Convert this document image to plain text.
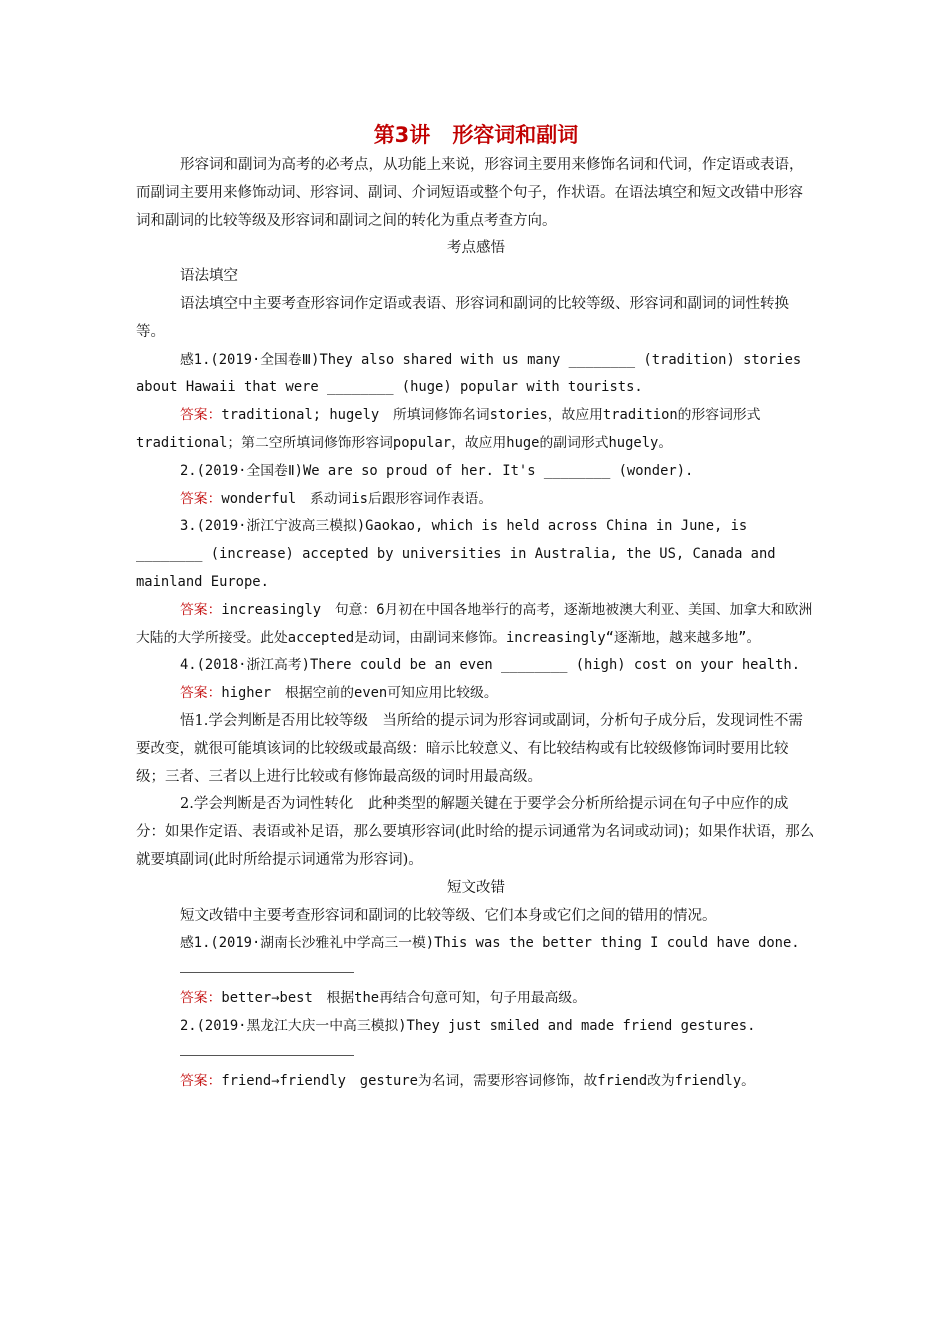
第3讲 形容词和副词

形容词和副词为高考的必考点，从功能上来说，形容词主要用来修饰名词和代词，作定语或表语，而副词主要用来修饰动词、形容词、副词、介词短语或整个句子，作状语。在语法填空和短文改错中形容词和副词的比较等级及形容词和副词之间的转化为重点考查方向。

考点感悟

语法填空

语法填空中主要考查形容词作定语或表语、形容词和副词的比较等级、形容词和副词的词性转换等。

感1.(2019·全国卷Ⅲ)They also shared with us many ________ (tradition) stories about Hawaii that were ________ (huge) popular with tourists.

答案：traditional; hugely　所填词修饰名词stories，故应用tradition的形容词形式traditional；第二空所填词修饰形容词popular，故应用huge的副词形式hugely。

2.(2019·全国卷Ⅱ)We are so proud of her. It's ________ (wonder).

答案：wonderful　系动词is后跟形容词作表语。

3.(2019·浙江宁波高三模拟)Gaokao, which is held across China in June, is ________ (increase) accepted by universities in Australia, the US, Canada and mainland Europe.

答案：increasingly　句意：6月初在中国各地举行的高考，逐渐地被澳大利亚、美国、加拿大和欧洲大陆的大学所接受。此处accepted是动词，由副词来修饰。increasingly“逐渐地，越来越多地”。

4.(2018·浙江高考)There could be an even ________ (high) cost on your health.

答案：higher　根据空前的even可知应用比较级。

悟1.学会判断是否用比较等级　当所给的提示词为形容词或副词，分析句子成分后，发现词性不需要改变，就很可能填该词的比较级或最高级：暗示比较意义、有比较结构或有比较级修饰词时要用比较级；三者、三者以上进行比较或有修饰最高级的词时用最高级。

2.学会判断是否为词性转化　此种类型的解题关键在于要学会分析所给提示词在句子中应作的成分：如果作定语、表语或补足语，那么要填形容词(此时给的提示词通常为名词或动词)；如果作状语，那么就要填副词(此时所给提示词通常为形容词)。

短文改错

短文改错中主要考查形容词和副词的比较等级、它们本身或它们之间的错用的情况。

感1.(2019·湖南长沙雅礼中学高三一模)This was the better thing I could have done.

答案：better→best　根据the再结合句意可知，句子用最高级。

2.(2019·黑龙江大庆一中高三模拟)They just smiled and made friend gestures.

答案：friend→friendly　gesture为名词，需要形容词修饰，故friend改为friendly。
